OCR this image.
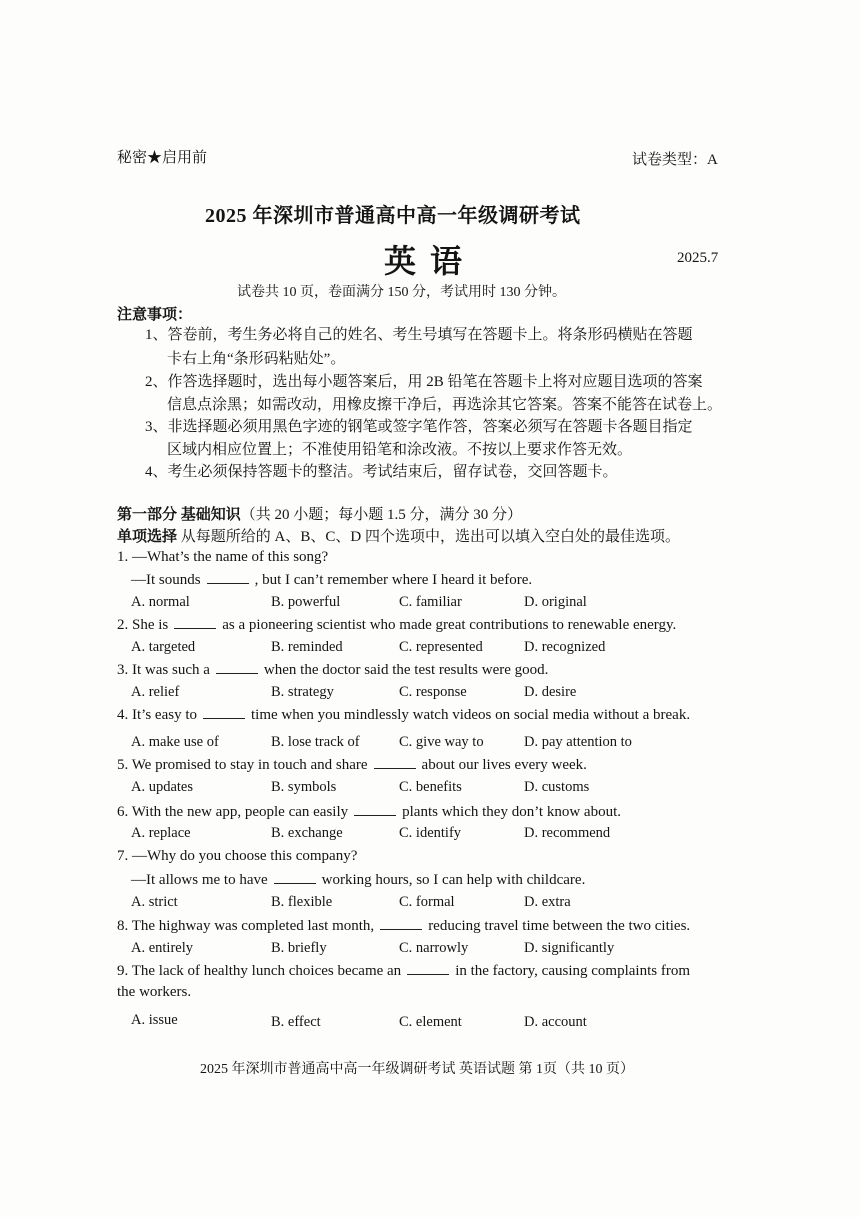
秘密★启用前	试卷类型：A
2025 年深圳市普通高中高一年级调研考试
英语	2025.7
试卷共 10 页，卷面满分 150 分，考试用时 130 分钟。
注意事项：
1、答卷前，考生务必将自己的姓名、考生号填写在答题卡上。将条形码横贴在答题
卡右上角“条形码粘贴处”。
2、作答选择题时，选出每小题答案后，用 2B 铅笔在答题卡上将对应题目选项的答案
信息点涂黑；如需改动，用橡皮擦干净后，再选涂其它答案。答案不能答在试卷上。
3、非选择题必须用黑色字迹的钢笔或签字笔作答，答案必须写在答题卡各题目指定
区域内相应位置上；不准使用铅笔和涂改液。不按以上要求作答无效。
4、考生必须保持答题卡的整洁。考试结束后，留存试卷，交回答题卡。
第一部分 基础知识（共 20 小题；每小题 1.5 分，满分 30 分）
单项选择 从每题所给的 A、B、C、D 四个选项中，选出可以填入空白处的最佳选项。
1. —What’s the name of this song?
—It sounds	, but I can’t remember where I heard it before.
A. normal	B. powerful	C. familiar	D. original
2. She is	as a pioneering scientist who made great contributions to renewable energy.
A. targeted	B. reminded	C. represented	D. recognized
3. It was such a	when the doctor said the test results were good.
A. relief	B. strategy	C. response	D. desire
4. It’s easy to	time when you mindlessly watch videos on social media without a break.
A. make use of	B. lose track of	C. give way to	D. pay attention to
5. We promised to stay in touch and share	about our lives every week.
A. updates	B. symbols	C. benefits	D. customs
6. With the new app, people can easily	plants which they don’t know about.
A. replace	B. exchange	C. identify	D. recommend
7. —Why do you choose this company?
—It allows me to have	working hours, so I can help with childcare.
A. strict	B. flexible	C. formal	D. extra
8. The highway was completed last month,	reducing travel time between the two cities.
A. entirely	B. briefly	C. narrowly	D. significantly
9. The lack of healthy lunch choices became an	in the factory, causing complaints from
the workers.
A. issue	B. effect	C. element	D. account
2025 年深圳市普通高中高一年级调研考试 英语试题 第 1页（共 10 页）
